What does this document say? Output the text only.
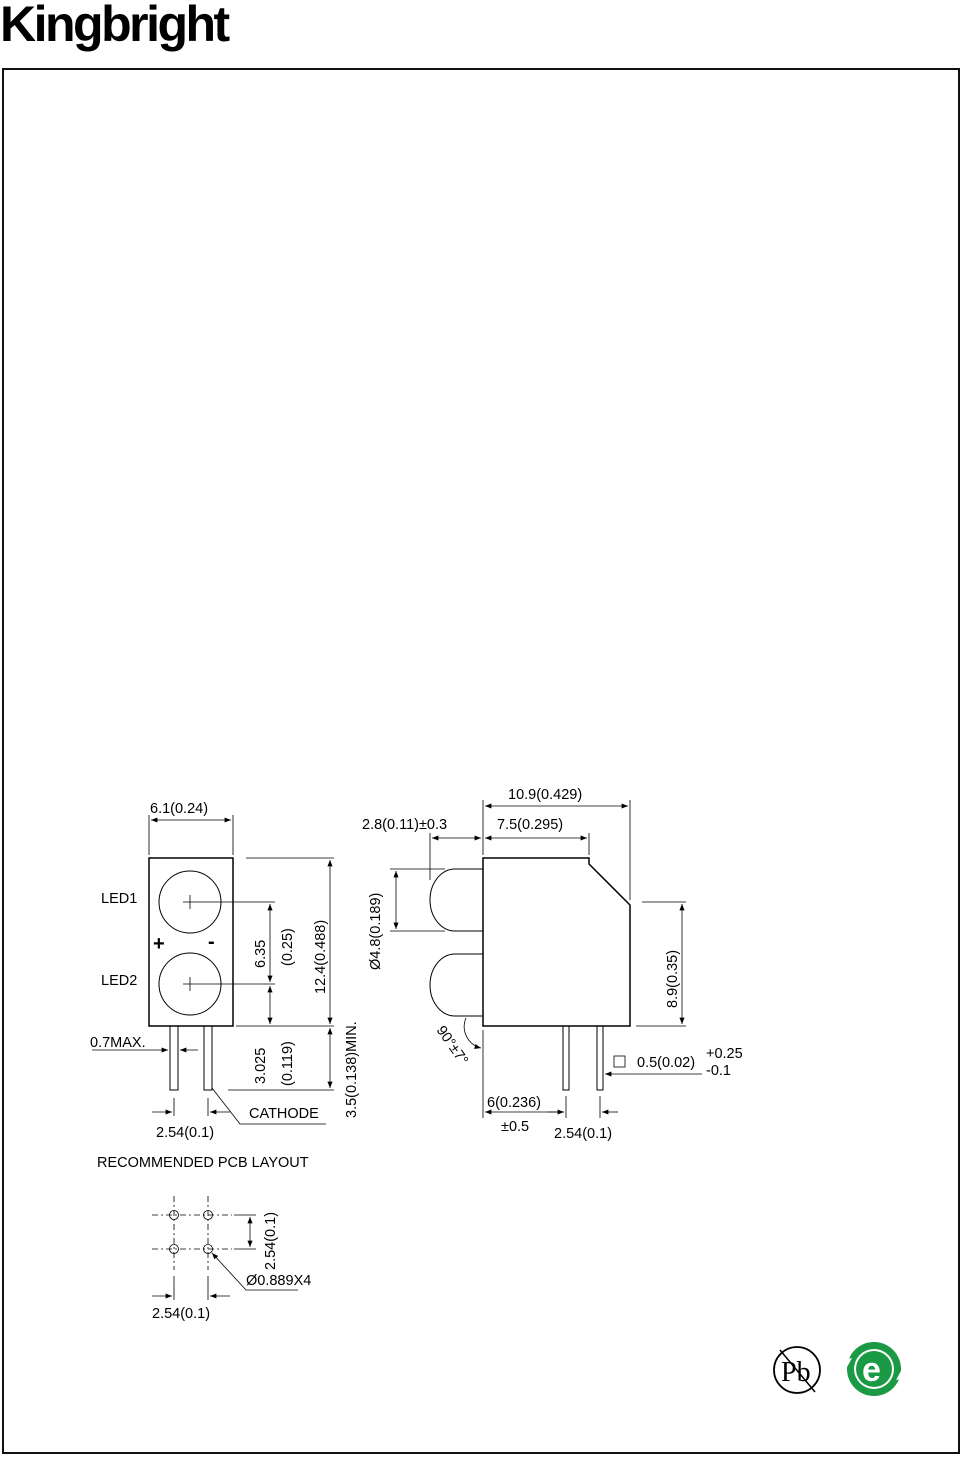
Kingbright
6.1(0.24)
LED1
LED2
+ -	6.35 (0.25) 12.4(0.488)
3.025 (0.119)	3.5(0.138)MIN.
0.7MAX.
CATHODE
2.54(0.1)
10.9(0.429)
7.5(0.295)
2.8(0.11)±0.3
Ø4.8(0.189)
8.9(0.35)
90°±7°	0.5(0.02)
+0.25
-0.1
6(0.236)
±0.5 2.54(0.1)
RECOMMENDED PCB LAYOUT
2.54(0.1)
Ø0.889X4
2.54(0.1)
Pb e
